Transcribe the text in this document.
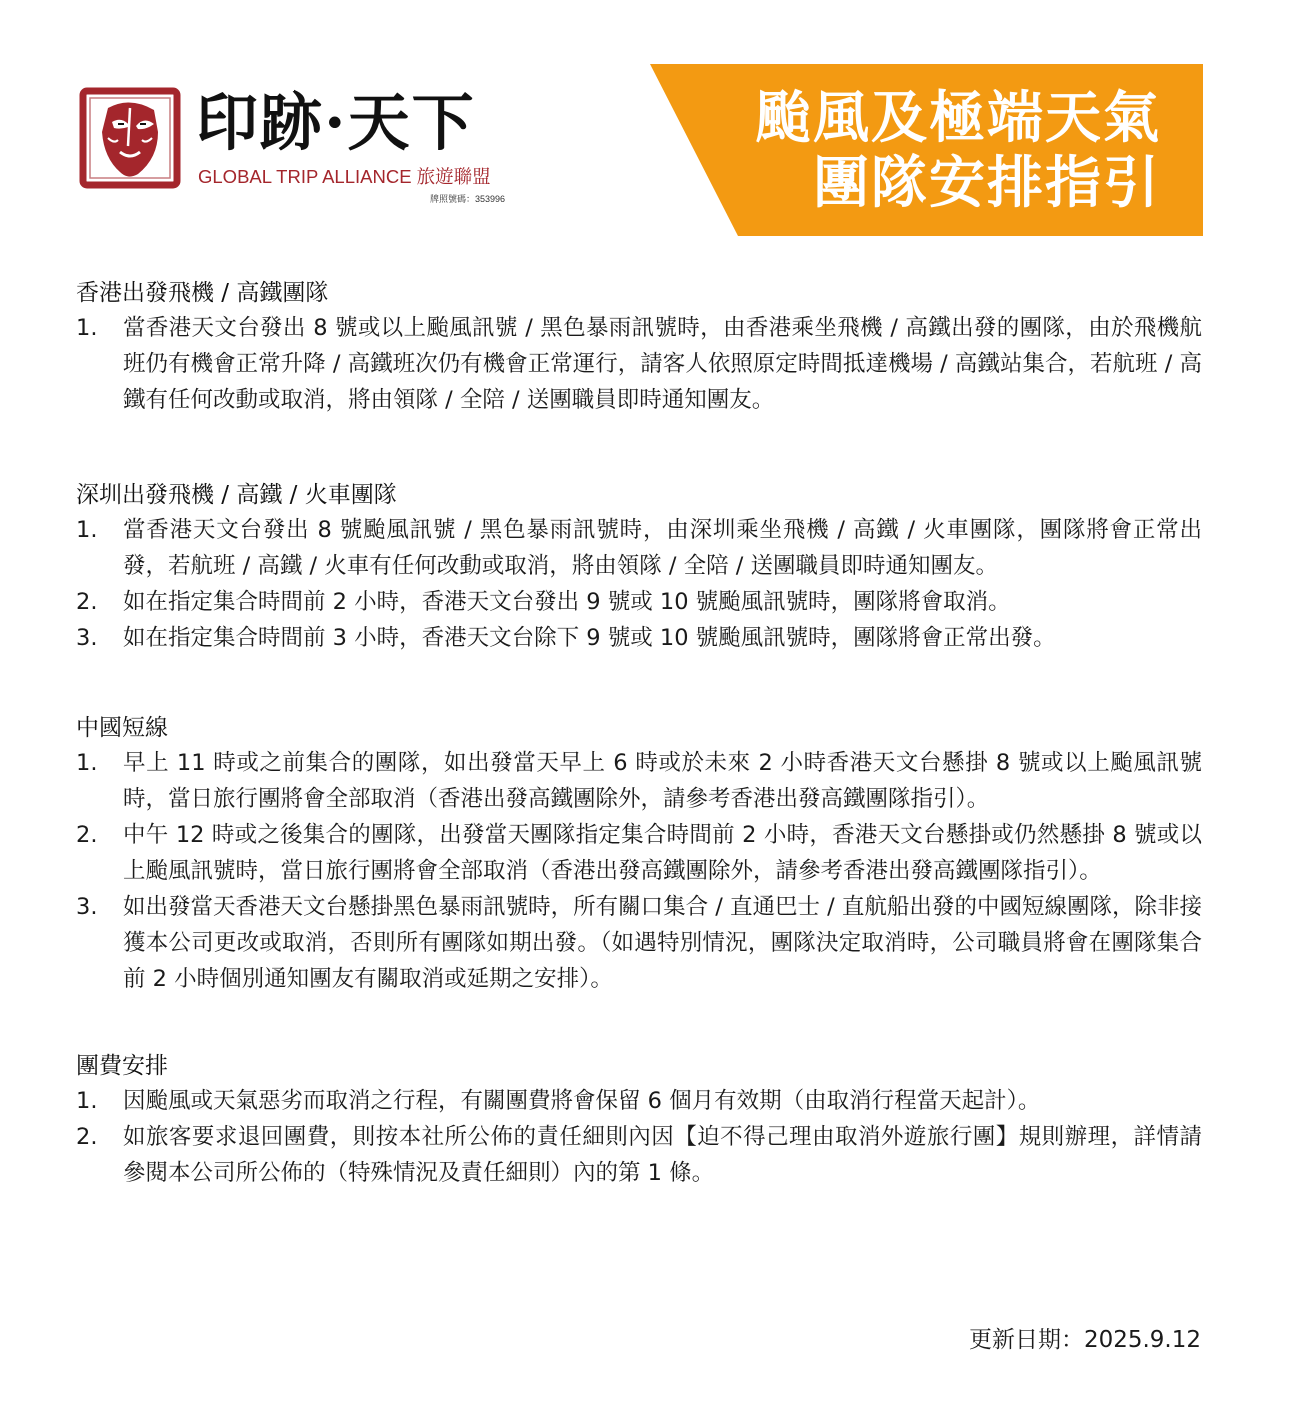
印跡·天下
GLOBAL TRIP ALLIANCE 旅遊聯盟
牌照號碼：353996
颱風及極端天氣
團隊安排指引
香港出發飛機 / 高鐵團隊
1.	當香港天文台發出 8 號或以上颱風訊號 / 黑色暴雨訊號時，由香港乘坐飛機 / 高鐵出發的團隊，由於飛機航班仍有機會正常升降 / 高鐵班次仍有機會正常運行，請客人依照原定時間抵達機場 / 高鐵站集合，若航班 / 高鐵有任何改動或取消，將由領隊 / 全陪 / 送團職員即時通知團友。
深圳出發飛機 / 高鐵 / 火車團隊
1.	當香港天文台發出 8 號颱風訊號 / 黑色暴雨訊號時，由深圳乘坐飛機 / 高鐵 / 火車團隊，團隊將會正常出發，若航班 / 高鐵 / 火車有任何改動或取消，將由領隊 / 全陪 / 送團職員即時通知團友。
2.	如在指定集合時間前 2 小時，香港天文台發出 9 號或 10 號颱風訊號時，團隊將會取消。
3.	如在指定集合時間前 3 小時，香港天文台除下 9 號或 10 號颱風訊號時，團隊將會正常出發。
中國短線
1.	早上 11 時或之前集合的團隊，如出發當天早上 6 時或於未來 2 小時香港天文台懸掛 8 號或以上颱風訊號時，當日旅行團將會全部取消（香港出發高鐵團除外，請參考香港出發高鐵團隊指引）。
2.	中午 12 時或之後集合的團隊，出發當天團隊指定集合時間前 2 小時，香港天文台懸掛或仍然懸掛 8 號或以上颱風訊號時，當日旅行團將會全部取消（香港出發高鐵團除外，請參考香港出發高鐵團隊指引）。
3.	如出發當天香港天文台懸掛黑色暴雨訊號時，所有關口集合 / 直通巴士 / 直航船出發的中國短線團隊，除非接獲本公司更改或取消，否則所有團隊如期出發。（如遇特別情況，團隊決定取消時，公司職員將會在團隊集合前 2 小時個別通知團友有關取消或延期之安排）。
團費安排
1.	因颱風或天氣惡劣而取消之行程，有關團費將會保留 6 個月有效期（由取消行程當天起計）。
2.	如旅客要求退回團費，則按本社所公佈的責任細則內因【迫不得己理由取消外遊旅行團】規則辦理，詳情請參閱本公司所公佈的（特殊情況及責任細則）內的第 1 條。
更新日期：2025.9.12
